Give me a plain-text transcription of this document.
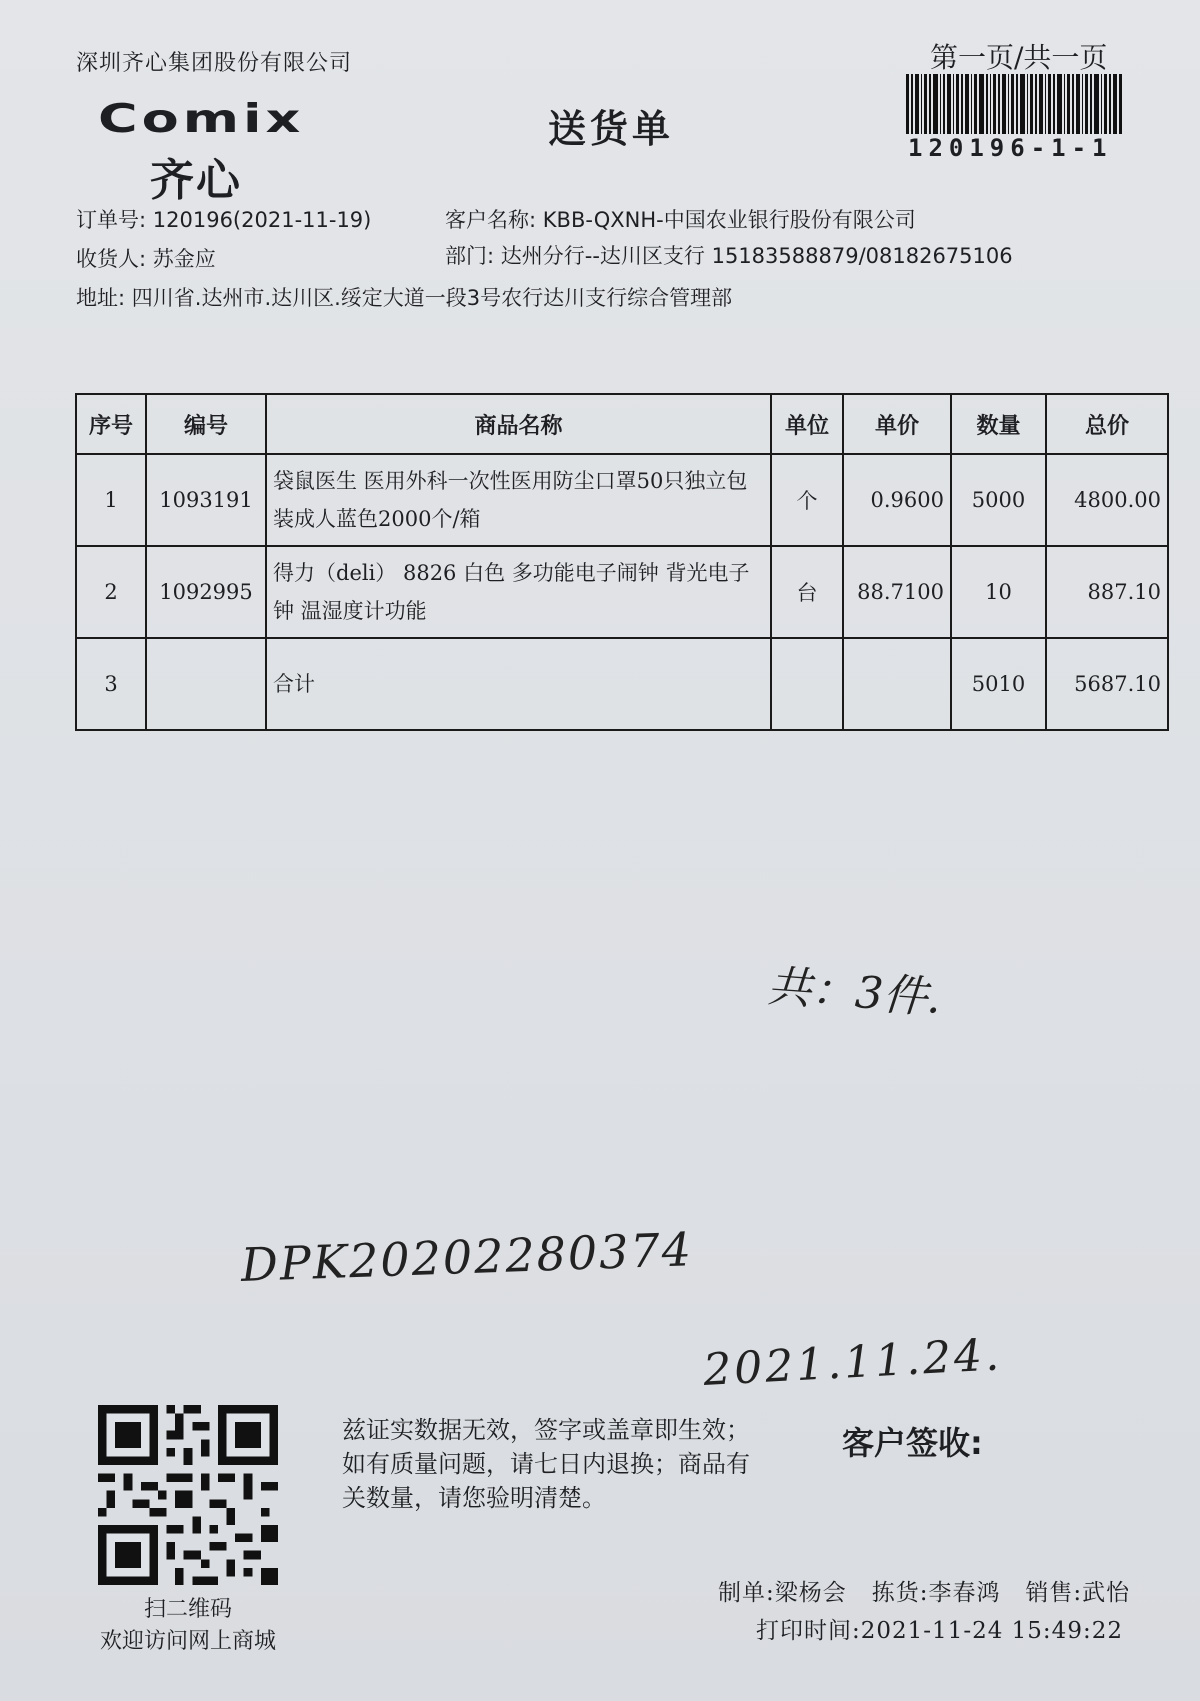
深圳齐心集团股份有限公司	第一页/共一页
120196-1-1
Comix
齐心
送货单
订单号: 120196(2021-11-19)	客户名称: KBB-QXNH-中国农业银行股份有限公司
收货人: 苏金应	部门: 达州分行--达川区支行 15183588879/08182675106
地址: 四川省.达州市.达川区.绥定大道一段3号农行达川支行综合管理部
序号	编号	商品名称	单位	单价	数量	总价
1	1093191	袋鼠医生 医用外科一次性医用防尘口罩50只独立包装成人蓝色2000个/箱	个	0.9600	5000	4800.00
2	1092995	得力（deli） 8826 白色 多功能电子闹钟 背光电子钟 温湿度计功能	台	88.7100	10	887.10
3		合计			5010	5687.10
共：3件.
DPK20202280374
2021.11.24.
扫二维码
欢迎访问网上商城
兹证实数据无效，签字或盖章即生效；如有质量问题，请七日内退换；商品有关数量，请您验明清楚。
客户签收:
制单:梁杨会 拣货:李春鸿 销售:武怡
打印时间:2021-11-24 15:49:22
